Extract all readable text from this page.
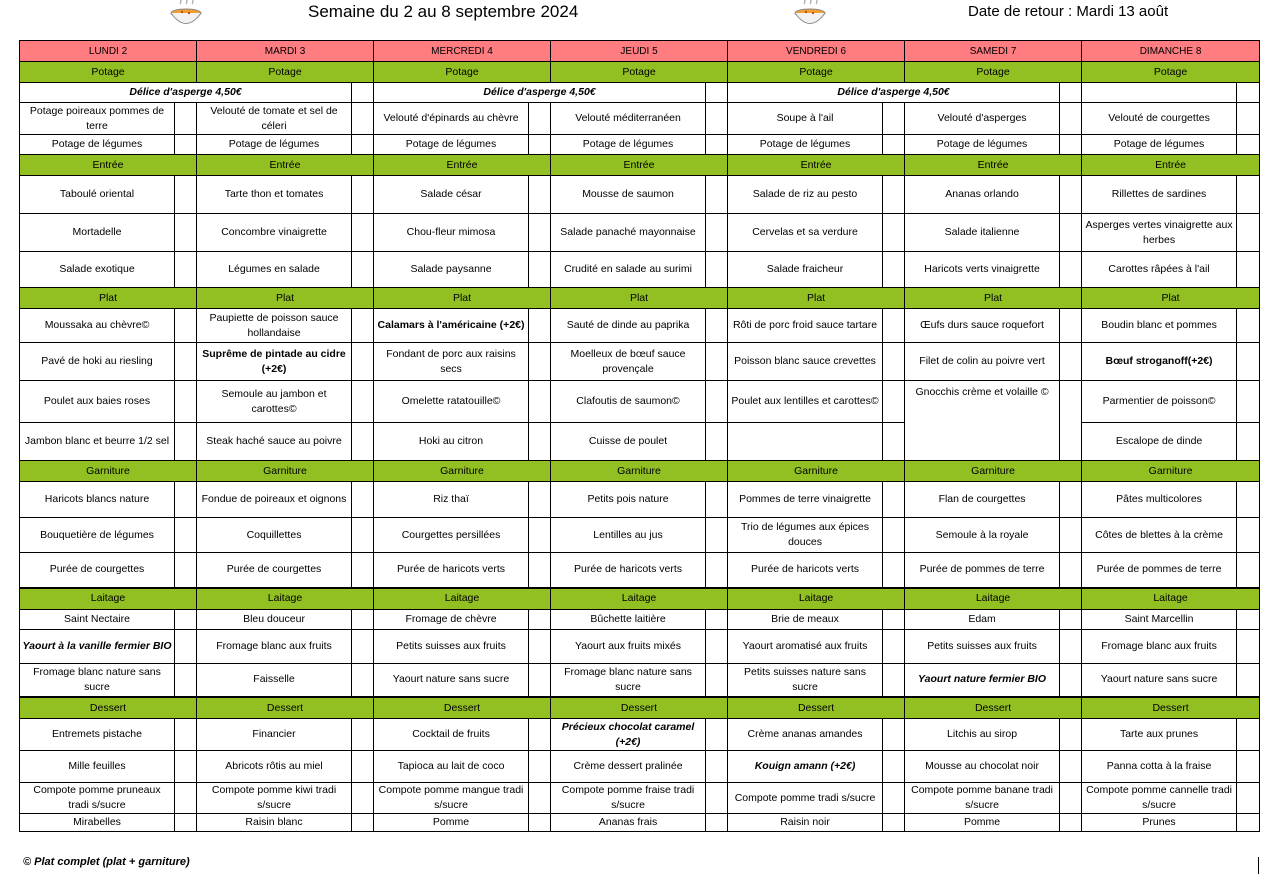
Semaine du 2 au 8 septembre 2024	Date de retour : Mardi 13 août
LUNDI 2		MARDI 3		MERCREDI 4		JEUDI 5		VENDREDI 6		SAMEDI 7		DIMANCHE 8	
Potage		Potage		Potage		Potage		Potage		Potage		Potage	
Délice d'asperge 4,50€				Délice d'asperge 4,50€				Délice d'asperge 4,50€					
Potage poireaux pommes de terre		Velouté de tomate et sel de céleri		Velouté d'épinards au chèvre		Velouté méditerranéen		Soupe à l'ail		Velouté d'asperges		Velouté de courgettes	
Potage de légumes		Potage de légumes		Potage de légumes		Potage de légumes		Potage de légumes		Potage de légumes		Potage de légumes	
Entrée		Entrée		Entrée		Entrée		Entrée		Entrée		Entrée	
Taboulé oriental		Tarte thon et tomates		Salade césar		Mousse de saumon		Salade de riz au pesto		Ananas orlando		Rillettes de sardines	
Mortadelle		Concombre vinaigrette		Chou-fleur mimosa		Salade panaché mayonnaise		Cervelas et sa verdure		Salade italienne		Asperges vertes vinaigrette aux herbes	
Salade exotique		Légumes en salade		Salade paysanne		Crudité en salade au surimi		Salade fraicheur		Haricots verts vinaigrette		Carottes râpées à l'ail	
Plat		Plat		Plat		Plat		Plat		Plat		Plat	
Moussaka au chèvre©		Paupiette de poisson sauce hollandaise		Calamars à l'américaine (+2€)		Sauté de dinde au paprika		Rôti de porc froid sauce tartare		Œufs durs sauce roquefort		Boudin blanc et pommes	
Pavé de hoki au riesling		Suprême de pintade au cidre (+2€)		Fondant de porc aux raisins secs		Moelleux de bœuf sauce provençale		Poisson blanc sauce crevettes		Filet de colin au poivre vert		Bœuf stroganoff(+2€)	
Poulet aux baies roses		Semoule au jambon et carottes©		Omelette ratatouille©		Clafoutis de saumon©		Poulet aux lentilles et carottes©		Gnocchis crème et volaille ©		Parmentier de poisson©	
Jambon blanc et beurre 1/2 sel		Steak haché sauce au poivre		Hoki au citron		Cuisse de poulet						Escalope de dinde	
Garniture		Garniture		Garniture		Garniture		Garniture		Garniture		Garniture	
Haricots blancs nature		Fondue de poireaux et oignons		Riz thaï		Petits pois nature		Pommes de terre vinaigrette		Flan de courgettes		Pâtes multicolores	
Bouquetière de légumes		Coquillettes		Courgettes persillées		Lentilles au jus		Trio de légumes aux épices douces		Semoule à la royale		Côtes de blettes à la crème	
Purée de courgettes		Purée de courgettes		Purée de haricots verts		Purée de haricots verts		Purée de haricots verts		Purée de pommes de terre		Purée de pommes de terre	
Laitage		Laitage		Laitage		Laitage		Laitage		Laitage		Laitage	
Saint Nectaire		Bleu douceur		Fromage de chèvre		Bûchette laitière		Brie de meaux		Edam		Saint Marcellin	
Yaourt à la vanille fermier BIO		Fromage blanc aux fruits		Petits suisses aux fruits		Yaourt aux fruits mixés		Yaourt aromatisé aux fruits		Petits suisses aux fruits		Fromage blanc aux fruits	
Fromage blanc nature sans sucre		Faisselle		Yaourt nature sans sucre		Fromage blanc nature sans sucre		Petits suisses nature sans sucre		Yaourt nature fermier BIO		Yaourt nature sans sucre	
Dessert		Dessert		Dessert		Dessert		Dessert		Dessert		Dessert	
Entremets pistache		Financier		Cocktail de fruits		Précieux chocolat caramel (+2€)		Crème ananas amandes		Litchis au sirop		Tarte aux prunes	
Mille feuilles		Abricots rôtis au miel		Tapioca au lait de coco		Crème dessert pralinée		Kouign amann (+2€)		Mousse au chocolat noir		Panna cotta à la fraise	
Compote pomme pruneaux tradi s/sucre		Compote pomme kiwi tradi s/sucre		Compote pomme mangue tradi s/sucre		Compote pomme fraise tradi s/sucre		Compote pomme tradi s/sucre		Compote pomme banane tradi s/sucre		Compote pomme cannelle tradi s/sucre	
Mirabelles		Raisin blanc		Pomme		Ananas frais		Raisin noir		Pomme		Prunes	
© Plat complet (plat + garniture)
